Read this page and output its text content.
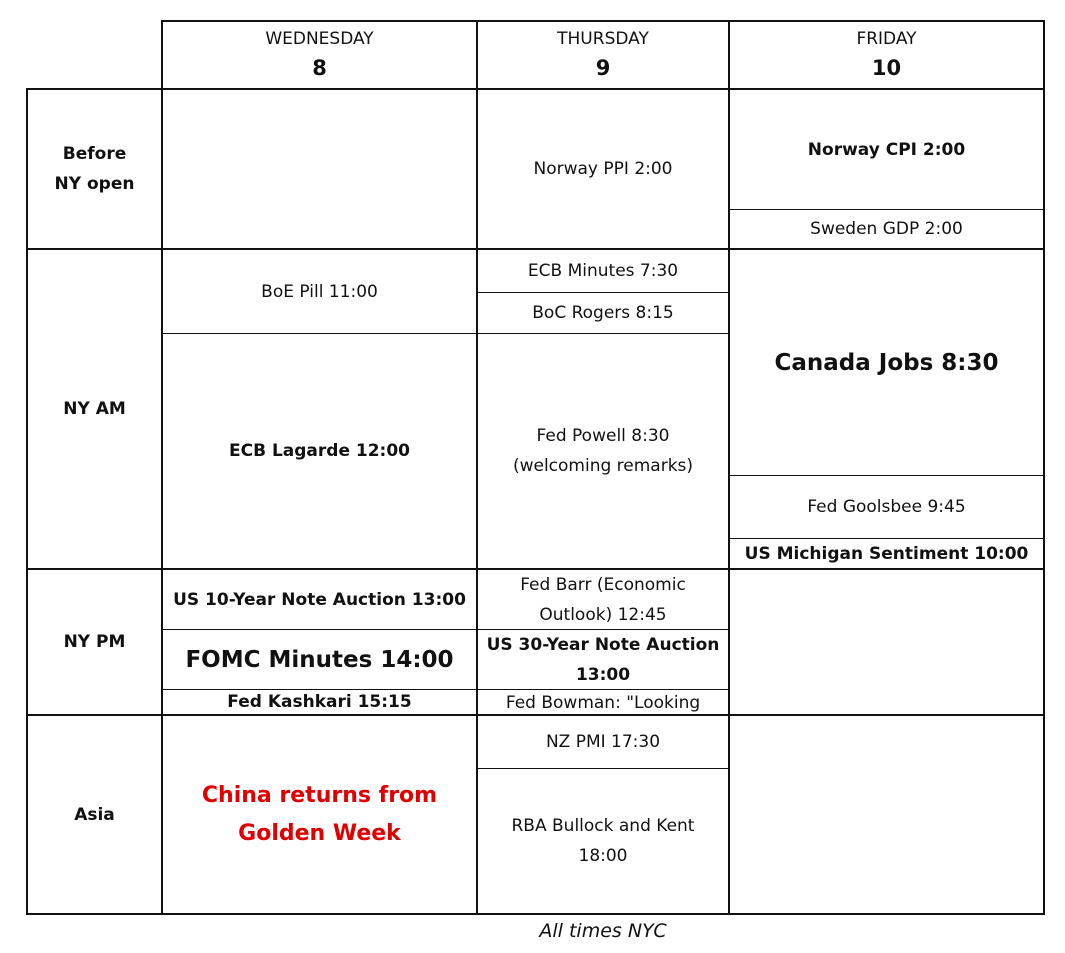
WEDNESDAY
8
THURSDAY
9
FRIDAY
10
Before NY open
NY AM
NY PM
Asia
Norway PPI 2:00
Norway CPI 2:00
Sweden GDP 2:00
BoE Pill 11:00
ECB Minutes 7:30
BoC Rogers 8:15
Canada Jobs 8:30
ECB Lagarde 12:00
Fed Powell 8:30 (welcoming remarks)
Fed Goolsbee 9:45
US Michigan Sentiment 10:00
US 10-Year Note Auction 13:00
Fed Barr (Economic Outlook) 12:45
FOMC Minutes 14:00
US 30-Year Note Auction 13:00
Fed Kashkari 15:15	Fed Bowman: "Looking
China returns from Golden Week
NZ PMI 17:30
RBA Bullock and Kent 18:00
All times NYC
